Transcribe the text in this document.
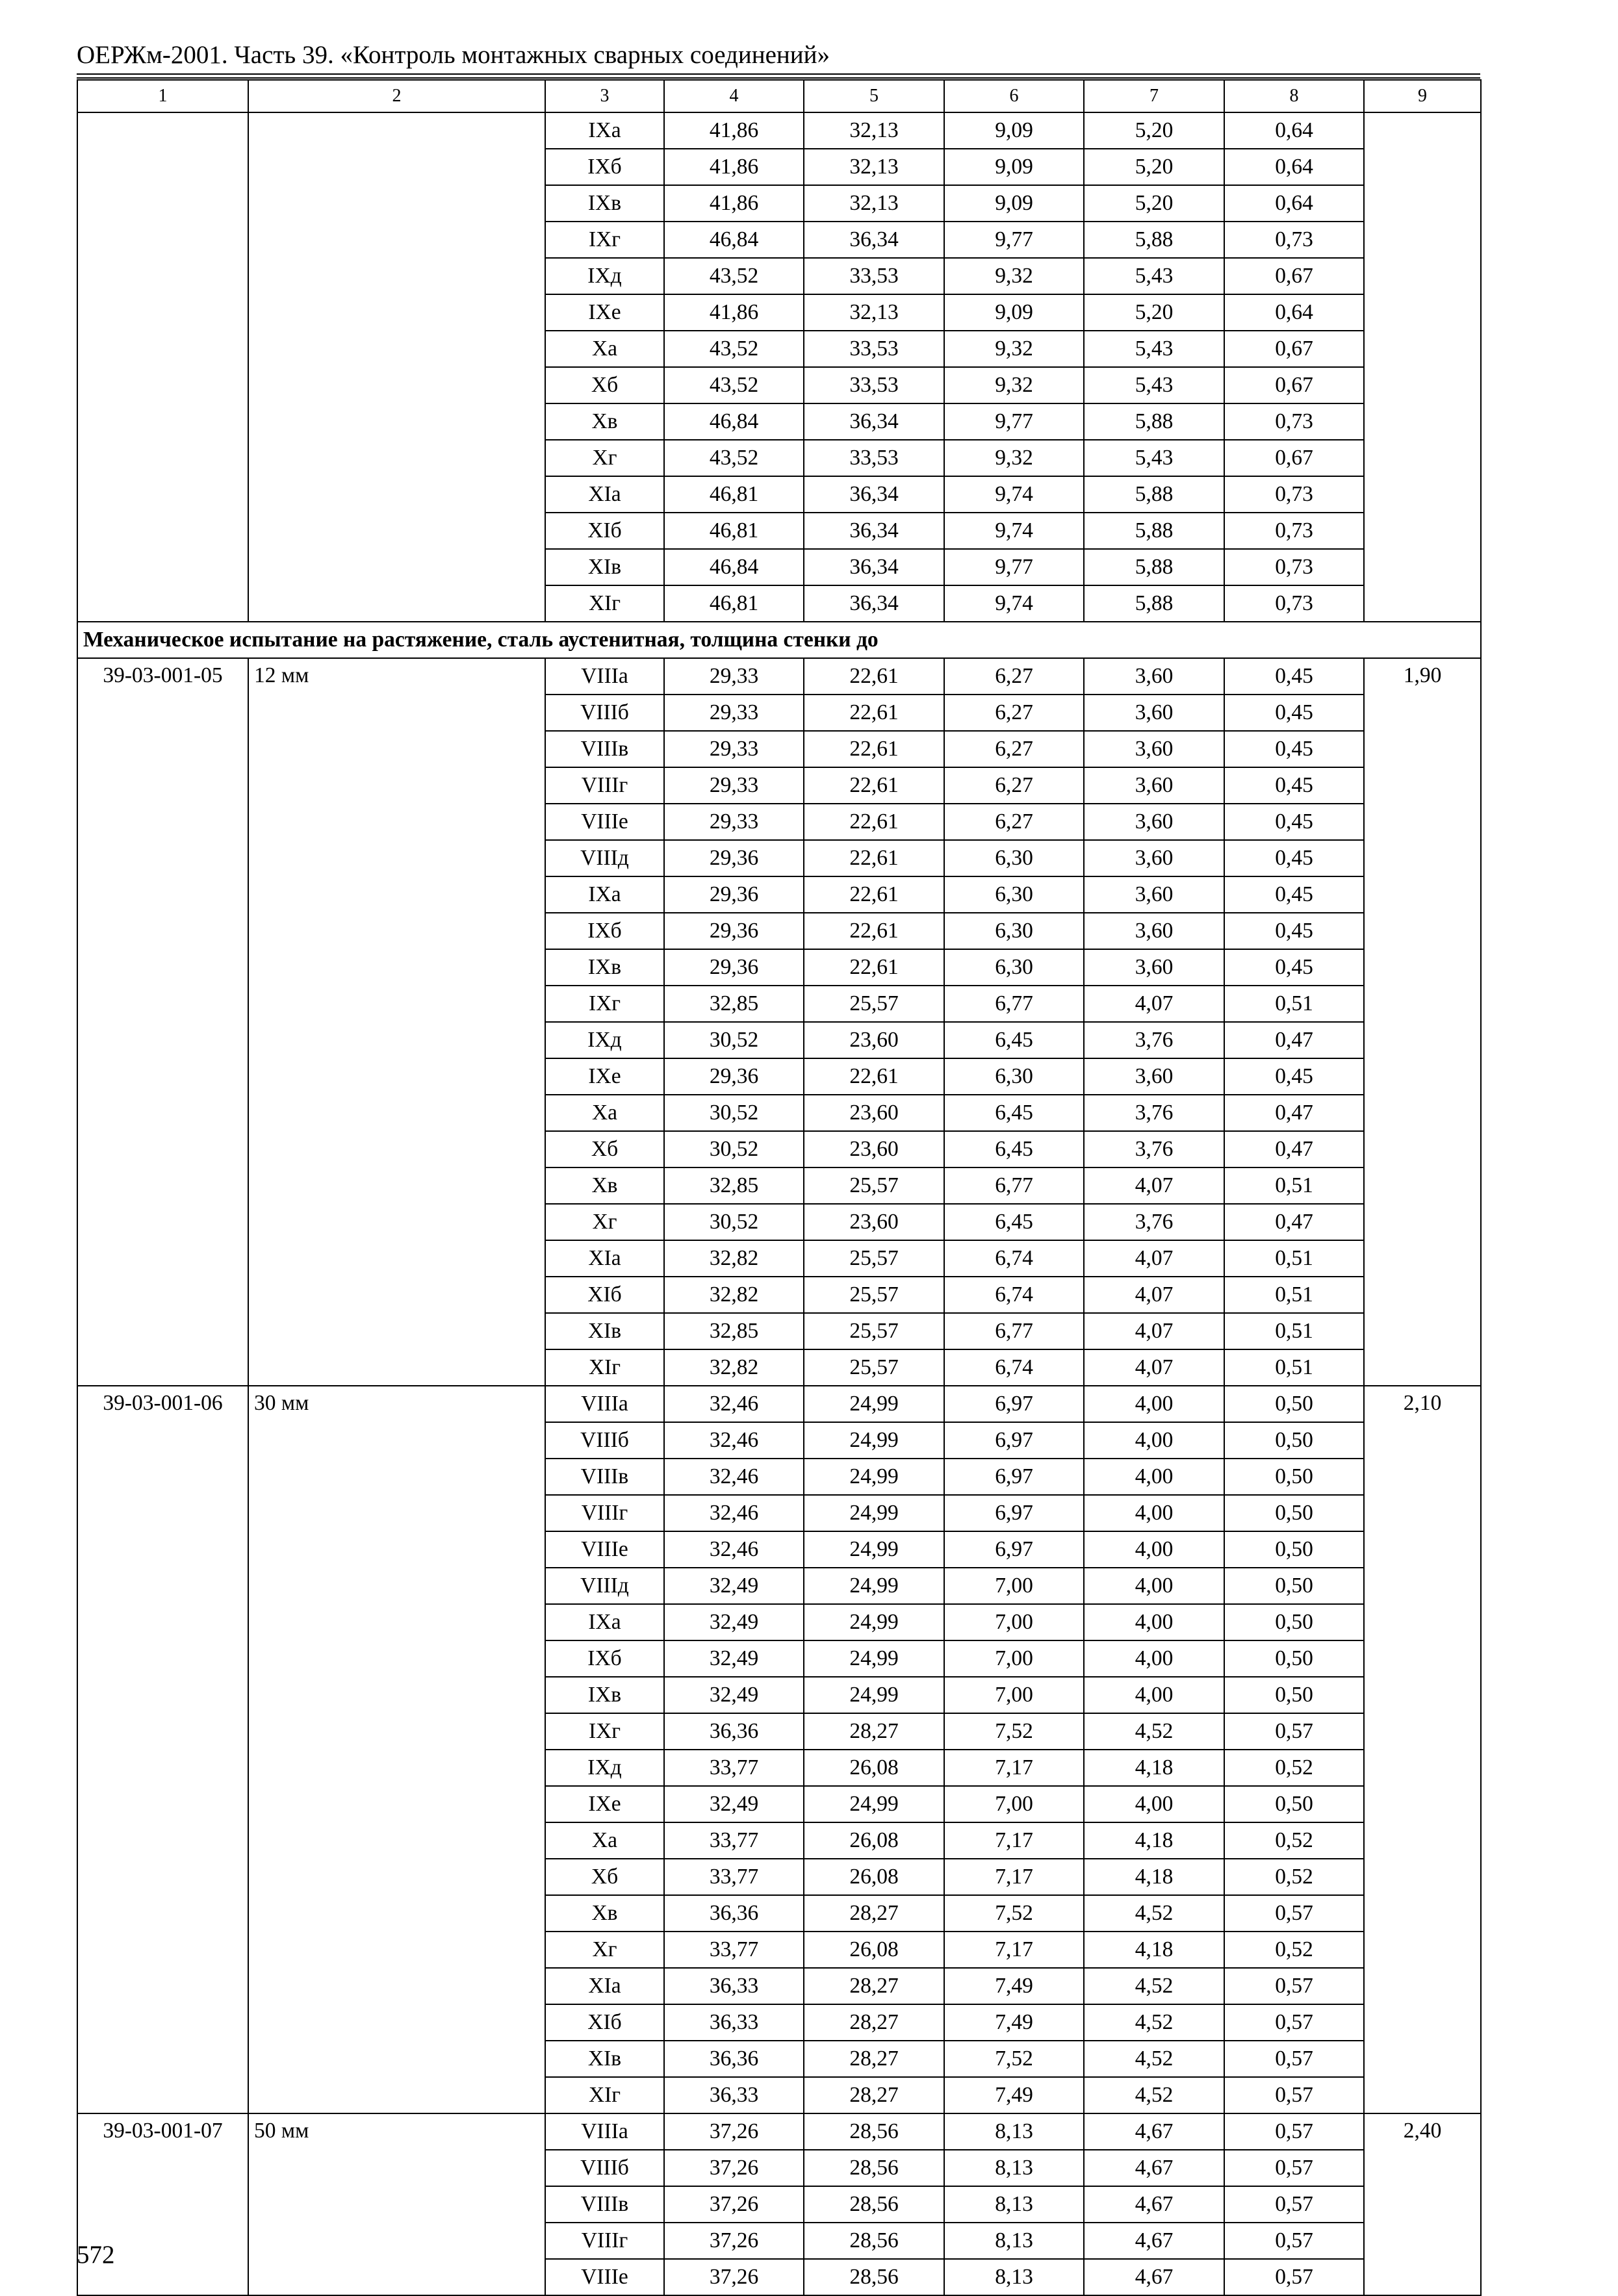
ОЕРЖм-2001. Часть 39. «Контроль монтажных сварных соединений»
1	2	3	4	5	6	7	8	9
		IXa	41,86	32,13	9,09	5,20	0,64	
		IXб	41,86	32,13	9,09	5,20	0,64	
		IXв	41,86	32,13	9,09	5,20	0,64	
		IXг	46,84	36,34	9,77	5,88	0,73	
		IXд	43,52	33,53	9,32	5,43	0,67	
		IXe	41,86	32,13	9,09	5,20	0,64	
		Xa	43,52	33,53	9,32	5,43	0,67	
		Xб	43,52	33,53	9,32	5,43	0,67	
		Xв	46,84	36,34	9,77	5,88	0,73	
		Xг	43,52	33,53	9,32	5,43	0,67	
		XIa	46,81	36,34	9,74	5,88	0,73	
		XIб	46,81	36,34	9,74	5,88	0,73	
		XIв	46,84	36,34	9,77	5,88	0,73	
		XIг	46,81	36,34	9,74	5,88	0,73	
Механическое испытание на растяжение, сталь аустенитная, толщина стенки до								
39-03-001-05	12 мм	VIIIa	29,33	22,61	6,27	3,60	0,45	1,90
		VIIIб	29,33	22,61	6,27	3,60	0,45	
		VIIIв	29,33	22,61	6,27	3,60	0,45	
		VIIIг	29,33	22,61	6,27	3,60	0,45	
		VIIIe	29,33	22,61	6,27	3,60	0,45	
		VIIIд	29,36	22,61	6,30	3,60	0,45	
		IXa	29,36	22,61	6,30	3,60	0,45	
		IXб	29,36	22,61	6,30	3,60	0,45	
		IXв	29,36	22,61	6,30	3,60	0,45	
		IXг	32,85	25,57	6,77	4,07	0,51	
		IXд	30,52	23,60	6,45	3,76	0,47	
		IXe	29,36	22,61	6,30	3,60	0,45	
		Xa	30,52	23,60	6,45	3,76	0,47	
		Xб	30,52	23,60	6,45	3,76	0,47	
		Xв	32,85	25,57	6,77	4,07	0,51	
		Xг	30,52	23,60	6,45	3,76	0,47	
		XIa	32,82	25,57	6,74	4,07	0,51	
		XIб	32,82	25,57	6,74	4,07	0,51	
		XIв	32,85	25,57	6,77	4,07	0,51	
		XIг	32,82	25,57	6,74	4,07	0,51	
39-03-001-06	30 мм	VIIIa	32,46	24,99	6,97	4,00	0,50	2,10
		VIIIб	32,46	24,99	6,97	4,00	0,50	
		VIIIв	32,46	24,99	6,97	4,00	0,50	
		VIIIг	32,46	24,99	6,97	4,00	0,50	
		VIIIe	32,46	24,99	6,97	4,00	0,50	
		VIIIд	32,49	24,99	7,00	4,00	0,50	
		IXa	32,49	24,99	7,00	4,00	0,50	
		IXб	32,49	24,99	7,00	4,00	0,50	
		IXв	32,49	24,99	7,00	4,00	0,50	
		IXг	36,36	28,27	7,52	4,52	0,57	
		IXд	33,77	26,08	7,17	4,18	0,52	
		IXe	32,49	24,99	7,00	4,00	0,50	
		Xa	33,77	26,08	7,17	4,18	0,52	
		Xб	33,77	26,08	7,17	4,18	0,52	
		Xв	36,36	28,27	7,52	4,52	0,57	
		Xг	33,77	26,08	7,17	4,18	0,52	
		XIa	36,33	28,27	7,49	4,52	0,57	
		XIб	36,33	28,27	7,49	4,52	0,57	
		XIв	36,36	28,27	7,52	4,52	0,57	
		XIг	36,33	28,27	7,49	4,52	0,57	
39-03-001-07	50 мм	VIIIa	37,26	28,56	8,13	4,67	0,57	2,40
		VIIIб	37,26	28,56	8,13	4,67	0,57	
		VIIIв	37,26	28,56	8,13	4,67	0,57	
		VIIIг	37,26	28,56	8,13	4,67	0,57	
		VIIIe	37,26	28,56	8,13	4,67	0,57	
572
